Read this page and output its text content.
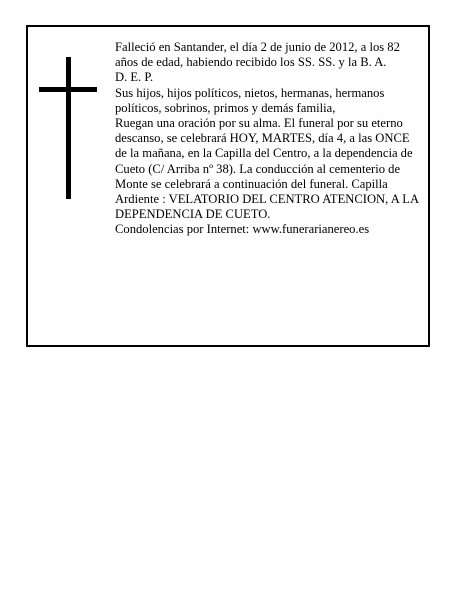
Falleció en Santander, el día 2 de junio de 2012, a los 82 años de edad, habiendo recibido los SS. SS. y la B. A.

D. E. P.

Sus hijos, hijos políticos, nietos, hermanas, hermanos políticos, sobrinos, primos y demás familia,

Ruegan una oración por su alma. El funeral por su eterno descanso, se celebrará HOY, MARTES, día 4, a las ONCE de la mañana, en la Capilla del Centro, a la dependencia de Cueto (C/ Arriba nº 38). La conducción al cementerio de Monte se celebrará a continuación del funeral. Capilla Ardiente : VELATORIO DEL CENTRO ATENCION, A LA DEPENDENCIA DE CUETO.

Condolencias por Internet: www.funerarianereo.es
